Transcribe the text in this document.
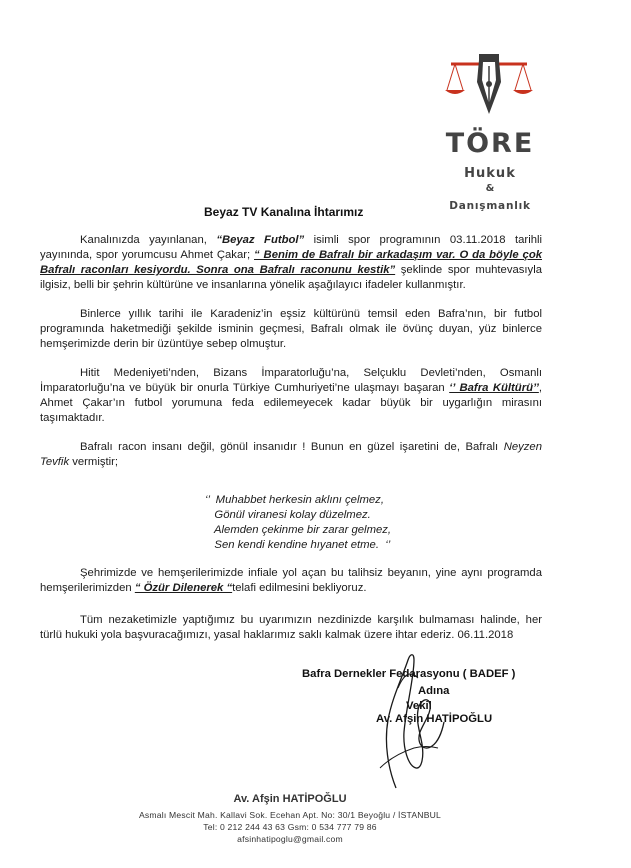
TÖRE
Hukuk
&
Danışmanlık
Beyaz TV Kanalına İhtarımız

Kanalınızda yayınlanan, “Beyaz Futbol” isimli spor programının 03.11.2018 tarihli yayınında, spor yorumcusu Ahmet Çakar; “ Benim de Bafralı bir arkadaşım var. O da böyle çok Bafralı raconları kesiyordu. Sonra ona Bafralı raconunu kestik” şeklinde spor muhtevasıyla ilgisiz, belli bir şehrin kültürüne ve insanlarına yönelik aşağılayıcı ifadeler kullanmıştır.

Binlerce yıllık tarihi ile Karadeniz’in eşsiz kültürünü temsil eden Bafra’nın, bir futbol programında haketmediği şekilde isminin geçmesi, Bafralı olmak ile övünç duyan, yüz binlerce hemşerimizde derin bir üzüntüye sebep olmuştur.

Hitit Medeniyeti’nden, Bizans İmparatorluğu’na, Selçuklu Devleti’nden, Osmanlı İmparatorluğu’na ve büyük bir onurla Türkiye Cumhuriyeti’ne ulaşmayı başaran ‘’ Bafra Kültürü’’, Ahmet Çakar’ın futbol yorumuna feda edilemeyecek kadar büyük bir uygarlığın mirasını taşımaktadır.

Bafralı racon insanı değil, gönül insanıdır ! Bunun en güzel işaretini de, Bafralı Neyzen Tevfik vermiştir;

‘’  Muhabbet herkesin aklını çelmez,
Gönül viranesi kolay düzelmez.
Alemden çekinme bir zarar gelmez,
Sen kendi kendine hıyanet etme.  ‘’
Şehrimizde ve hemşerilerimizde infiale yol açan bu talihsiz beyanın, yine aynı programda hemşerilerimizden “ Özür Dilenerek “telafi edilmesini bekliyoruz.
Tüm nezaketimizle yaptığımız bu uyarımızın nezdinizde karşılık bulmaması halinde, her türlü hukuki yola başvuracağımızı, yasal haklarımız saklı kalmak üzere ihtar ederiz. 06.11.2018
Bafra Dernekler Fedarasyonu ( BADEF )
Adına
Vekil
Av. Afşin HATİPOĞLU
Av. Afşin HATİPOĞLU
Asmalı Mescit Mah. Kallavi Sok. Ecehan Apt. No: 30/1 Beyoğlu / İSTANBUL
Tel: 0 212 244 43 63 Gsm: 0 534 777 79 86
afsinhatipoglu@gmail.com
